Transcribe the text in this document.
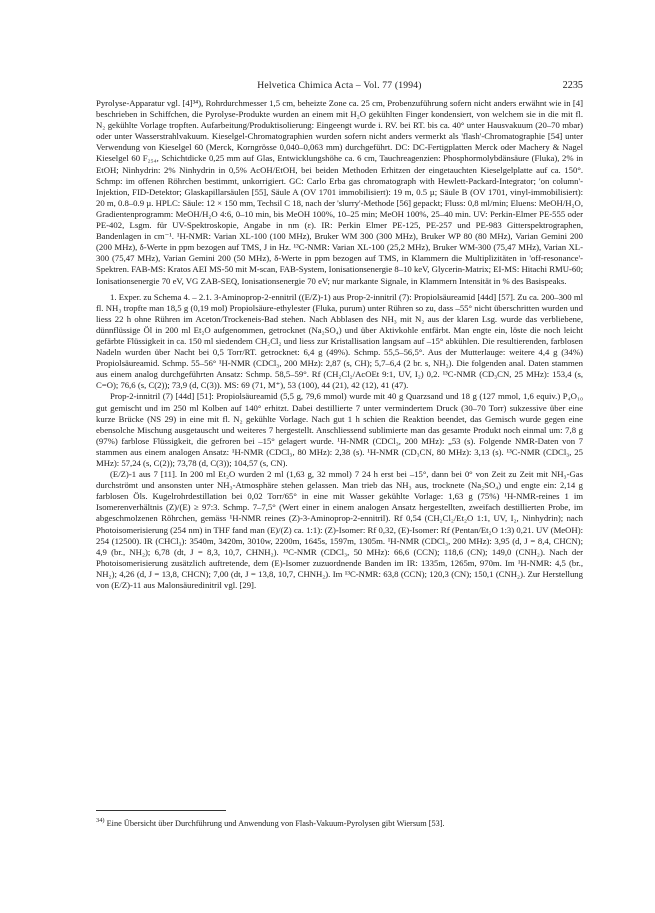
Helvetica Chimica Acta – Vol. 77 (1994)	2235

Pyrolyse-Apparatur vgl. [4]³⁴), Rohrdurchmesser 1,5 cm, beheizte Zone ca. 25 cm, Probenzuführung sofern nicht anders erwähnt wie in [4] beschrieben in Schiffchen, die Pyrolyse-Produkte wurden an einem mit H₂O gekühlten Finger kondensiert, von welchem sie in die mit fl. N₂ gekühlte Vorlage tropften. Aufarbeitung/Produktisolierung: Eingeengt wurde i. RV. bei RT. bis ca. 40° unter Hausvakuum (20–70 mbar) oder unter Wasserstrahlvakuum. Kieselgel-Chromatographien wurden sofern nicht anders vermerkt als 'flash'-Chromatographie [54] unter Verwendung von Kieselgel 60 (Merck, Korngrösse 0,040–0,063 mm) durchgeführt. DC: DC-Fertigplatten Merck oder Machery & Nagel Kieselgel 60 F₂₅₄, Schichtdicke 0,25 mm auf Glas, Entwicklungshöhe ca. 6 cm, Tauchreagenzien: Phosphormolybdänsäure (Fluka), 2% in EtOH; Ninhydrin: 2% Ninhydrin in 0,5% AcOH/EtOH, bei beiden Methoden Erhitzen der eingetauchten Kieselgelplatte auf ca. 150°. Schmp: im offenen Röhrchen bestimmt, unkorrigiert. GC: Carlo Erba gas chromatograph with Hewlett-Packard-Integrator; 'on column'-Injektion, FID-Detektor; Glaskapillarsäulen [55], Säule A (OV 1701 immobilisiert): 19 m, 0.5 µ; Säule B (OV 1701, vinyl-immobilisiert): 20 m, 0.8–0.9 µ. HPLC: Säule: 12 × 150 mm, Techsil C 18, nach der 'slurry'-Methode [56] gepackt; Fluss: 0,8 ml/min; Eluens: MeOH/H₂O, Gradientenprogramm: MeOH/H₂O 4:6, 0–10 min, bis MeOH 100%, 10–25 min; MeOH 100%, 25–40 min. UV: Perkin-Elmer PE-555 oder PE-402, Lsgm. für UV-Spektroskopie, Angabe in nm (ε). IR: Perkin Elmer PE-125, PE-257 und PE-983 Gitterspektrographen, Bandenlagen in cm⁻¹. ¹H-NMR: Varian XL-100 (100 MHz), Bruker WM 300 (300 MHz), Bruker WP 80 (80 MHz), Varian Gemini 200 (200 MHz), δ-Werte in ppm bezogen auf TMS, J in Hz. ¹³C-NMR: Varian XL-100 (25,2 MHz), Bruker WM-300 (75,47 MHz), Varian XL-300 (75,47 MHz), Varian Gemini 200 (50 MHz), δ-Werte in ppm bezogen auf TMS, in Klammern die Multiplizitäten in 'off-resonance'-Spektren. FAB-MS: Kratos AEI MS-50 mit M-scan, FAB-System, Ionisationsenergie 8–10 keV, Glycerin-Matrix; EI-MS: Hitachi RMU-60; Ionisationsenergie 70 eV, VG ZAB-SEQ, Ionisationsenergie 70 eV; nur markante Signale, in Klammern Intensität in % des Basispeaks.

1. Exper. zu Schema 4. – 2.1. 3-Aminoprop-2-ennitril ((E/Z)-1) aus Prop-2-innitril (7): Propiolsäureamid [44d] [57]. Zu ca. 200–300 ml fl. NH₃ tropfte man 18,5 g (0,19 mol) Propiolsäure-ethylester (Fluka, purum) unter Rühren so zu, dass –55° nicht überschritten wurden und liess 22 h ohne Rühren im Aceton/Trockeneis-Bad stehen. Nach Abblasen des NH₃ mit N₂ aus der klaren Lsg. wurde das verbliebene, dünnflüssige Öl in 200 ml Et₂O aufgenommen, getrocknet (Na₂SO₄) und über Aktivkohle entfärbt. Man engte ein, löste die noch leicht gefärbte Flüssigkeit in ca. 150 ml siedendem CH₂Cl₂ und liess zur Kristallisation langsam auf –15° abkühlen. Die resultierenden, farblosen Nadeln wurden über Nacht bei 0,5 Torr/RT. getrocknet: 6,4 g (49%). Schmp. 55,5–56,5°. Aus der Mutterlauge: weitere 4,4 g (34%) Propiolsäureamid. Schmp. 55–56° ¹H-NMR (CDCl₃, 200 MHz): 2,87 (s, CH); 5,7–6,4 (2 br. s, NH₂). Die folgenden anal. Daten stammen aus einem analog durchgeführten Ansatz: Schmp. 58,5–59°. Rf (CH₂Cl₂/AcOEt 9:1, UV, I₂) 0,2. ¹³C-NMR (CD₃CN, 25 MHz): 153,4 (s, C=O); 76,6 (s, C(2)); 73,9 (d, C(3)). MS: 69 (71, M⁺), 53 (100), 44 (21), 42 (12), 41 (47).

Prop-2-innitril (7) [44d] [51]: Propiolsäureamid (5,5 g, 79,6 mmol) wurde mit 40 g Quarzsand und 18 g (127 mmol, 1,6 equiv.) P₄O₁₀ gut gemischt und im 250 ml Kolben auf 140° erhitzt. Dabei destillierte 7 unter vermindertem Druck (30–70 Torr) sukzessive über eine kurze Brücke (NS 29) in eine mit fl. N₂ gekühlte Vorlage. Nach gut 1 h schien die Reaktion beendet, das Gemisch wurde gegen eine ebensolche Mischung ausgetauscht und weiteres 7 hergestellt. Anschliessend sublimierte man das gesamte Produkt noch einmal um: 7,8 g (97%) farblose Flüssigkeit, die gefroren bei –15° gelagert wurde. ¹H-NMR (CDCl₃, 200 MHz): „53 (s). Folgende NMR-Daten von 7 stammen aus einem analogen Ansatz: ¹H-NMR (CDCl₃, 80 MHz): 2,38 (s). ¹H-NMR (CD₃CN, 80 MHz): 3,13 (s). ¹³C-NMR (CDCl₃, 25 MHz): 57,24 (s, C(2)); 73,78 (d, C(3)); 104,57 (s, CN).

(E/Z)-1 aus 7 [11]. In 200 ml Et₂O wurden 2 ml (1,63 g, 32 mmol) 7 24 h erst bei –15°, dann bei 0° von Zeit zu Zeit mit NH₃-Gas durchströmt und ansonsten unter NH₃-Atmosphäre stehen gelassen. Man trieb das NH₃ aus, trocknete (Na₂SO₄) und engte ein: 2,14 g farblosen Öls. Kugelrohrdestillation bei 0,02 Torr/65° in eine mit Wasser gekühlte Vorlage: 1,63 g (75%) ¹H-NMR-reines 1 im Isomerenverhältnis (Z)/(E) ≥ 97:3. Schmp. 7–7,5° (Wert einer in einem analogen Ansatz hergestellten, zweifach destillierten Probe, im abgeschmolzenen Röhrchen, gemäss ¹H-NMR reines (Z)-3-Aminoprop-2-ennitril). Rf 0,54 (CH₂Cl₂/Et₂O 1:1, UV, I₂, Ninhydrin); nach Photoisomerisierung (254 nm) in THF fand man (E)/(Z) ca. 1:1): (Z)-Isomer: Rf 0,32, (E)-Isomer: Rf (Pentan/Et₂O 1:3) 0,21. UV (MeOH): 254 (12500). IR (CHCl₃): 3540m, 3420m, 3010w, 2200m, 1645s, 1597m, 1305m. ¹H-NMR (CDCl₃, 200 MHz): 3,95 (d, J = 8,4, CHCN); 4,9 (br., NH₂); 6,78 (dt, J = 8,3, 10,7, CHNH₂). ¹³C-NMR (CDCl₃, 50 MHz): 66,6 (CCN); 118,6 (CN); 149,0 (CNH₂). Nach der Photoisomerisierung zusätzlich auftretende, dem (E)-Isomer zuzuordnende Banden im IR: 1335m, 1265m, 970m. Im ¹H-NMR: 4,5 (br., NH₂); 4,26 (d, J = 13,8, CHCN); 7,00 (dt, J = 13,8, 10,7, CHNH₂). Im ¹³C-NMR: 63,8 (CCN); 120,3 (CN); 150,1 (CNH₂). Zur Herstellung von (E/Z)-11 aus Malonsäuredinitril vgl. [29].

$^{34)}$ Eine Übersicht über Durchführung und Anwendung von Flash-Vakuum-Pyrolysen gibt Wiersum [53].
